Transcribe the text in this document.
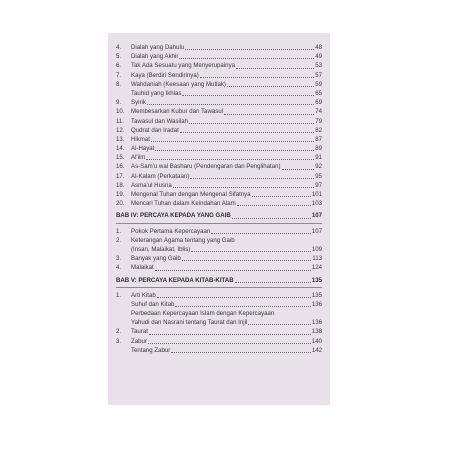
4.	Dialah yang Dahulu	48
5.	Dialah yang Akhir	49
6.	Tak Ada Sesuatu yang Menyerupainya	53
7.	Kaya (Berdiri Sendirinya)	57
8.	Wahdaniah (Keesaan yang Mutlak)	59
Tauhid yang Ikhlas	65
9.	Syirik	69
10.	Membesarkan Kubur dan Tawasul	74
11.	Tawasul dan Wasilah	79
12.	Qudrat dan Iradat	82
13.	Hikmat	87
14.	Al-Hayat	89
15.	Al'ilm	91
16.	As-Sam'u wal Basharu (Pendengaran dan Penglihatan)	92
17.	Al-Kalam (Perkataan)	95
18.	Asma'ul Husna	97
19.	Mengenal Tuhan dengan Mengenal Sifatnya	101
20.	Mencari Tuhan dalam Keindahan Alam	103
BAB IV: PERCAYA KEPADA YANG GAIB	107
1.	Pokok Pertama Kepercayaan	107
2.	Keterangan Agama tentang yang Gaib
(Insan, Malaikat, Iblis)	109
3.	Banyak yang Gaib	113
4.	Malaikat	124
BAB V: PERCAYA KEPADA KITAB-KITAB	135
1.	Arti Kitab	135
Suhuf dan Kitab	136
Perbedaan Kepercayaan Islam dengan Kepercayaan
Yahudi dan Nasrani tentang Taurat dan Injil	136
2.	Taurat	138
3.	Zabur	140
Tentang Zabur	142
